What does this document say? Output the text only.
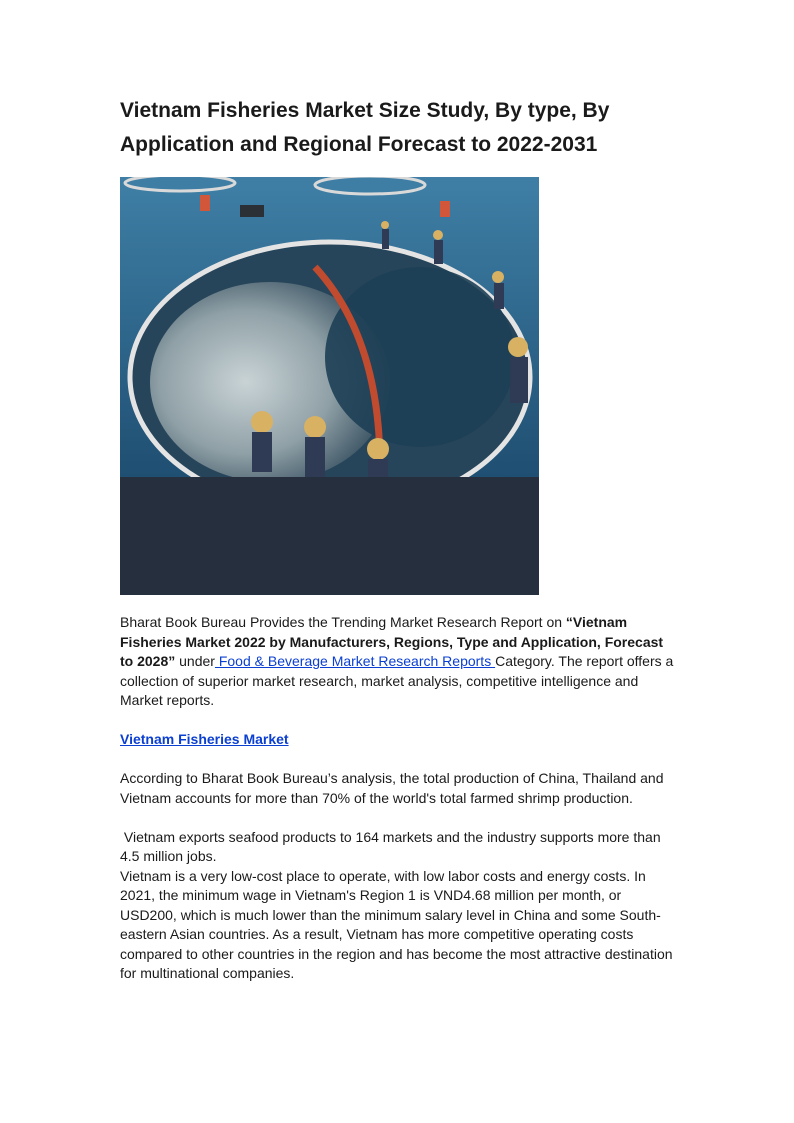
Vietnam Fisheries Market Size Study, By type, By Application and Regional Forecast to 2022-2031

Bharat Book Bureau Provides the Trending Market Research Report on “Vietnam Fisheries Market 2022 by Manufacturers, Regions, Type and Application, Forecast to 2028” under Food & Beverage Market Research Reports Category. The report offers a collection of superior market research, market analysis, competitive intelligence and Market reports.

Vietnam Fisheries Market

According to Bharat Book Bureau’s analysis, the total production of China, Thailand and Vietnam accounts for more than 70% of the world's total farmed shrimp production.

Vietnam exports seafood products to 164 markets and the industry supports more than 4.5 million jobs.

Vietnam is a very low-cost place to operate, with low labor costs and energy costs. In 2021, the minimum wage in Vietnam's Region 1 is VND4.68 million per month, or USD200, which is much lower than the minimum salary level in China and some South-eastern Asian countries. As a result, Vietnam has more competitive operating costs compared to other countries in the region and has become the most attractive destination for multinational companies.
